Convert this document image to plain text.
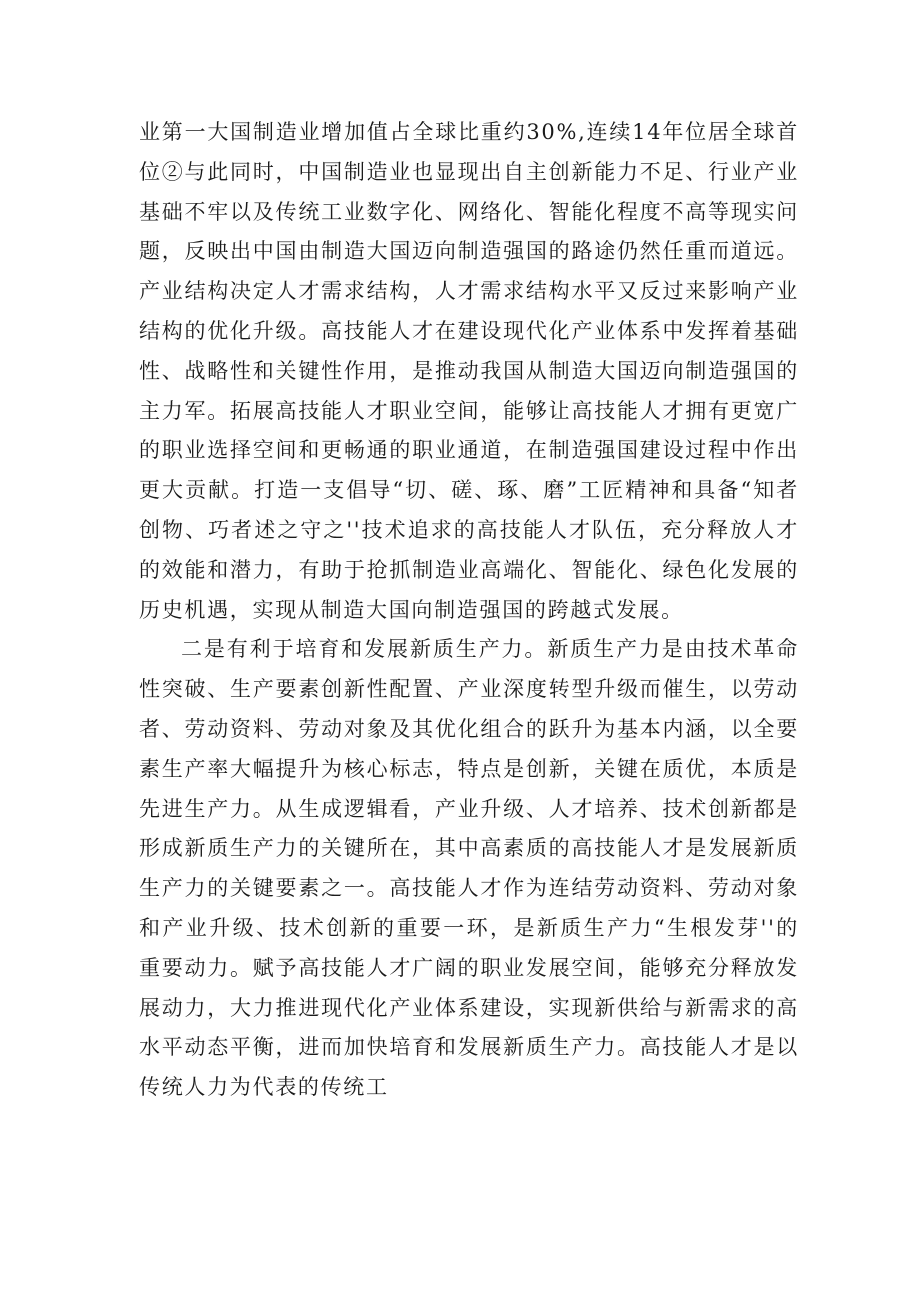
业第一大国制造业增加值占全球比重约30%,连续14年位居全球首位②与此同时，中国制造业也显现出自主创新能力不足、行业产业基础不牢以及传统工业数字化、网络化、智能化程度不高等现实问题，反映出中国由制造大国迈向制造强国的路途仍然任重而道远。产业结构决定人才需求结构，人才需求结构水平又反过来影响产业结构的优化升级。高技能人才在建设现代化产业体系中发挥着基础性、战略性和关键性作用，是推动我国从制造大国迈向制造强国的主力军。拓展高技能人才职业空间，能够让高技能人才拥有更宽广的职业选择空间和更畅通的职业通道，在制造强国建设过程中作出更大贡献。打造一支倡导“切、磋、琢、磨”工匠精神和具备“知者创物、巧者述之守之''技术追求的高技能人才队伍，充分释放人才的效能和潜力，有助于抢抓制造业高端化、智能化、绿色化发展的历史机遇，实现从制造大国向制造强国的跨越式发展。

二是有利于培育和发展新质生产力。新质生产力是由技术革命性突破、生产要素创新性配置、产业深度转型升级而催生，以劳动者、劳动资料、劳动对象及其优化组合的跃升为基本内涵，以全要素生产率大幅提升为核心标志，特点是创新，关键在质优，本质是先进生产力。从生成逻辑看，产业升级、人才培养、技术创新都是形成新质生产力的关键所在，其中高素质的高技能人才是发展新质生产力的关键要素之一。高技能人才作为连结劳动资料、劳动对象和产业升级、技术创新的重要一环，是新质生产力“生根发芽''的重要动力。赋予高技能人才广阔的职业发展空间，能够充分释放发展动力，大力推进现代化产业体系建设，实现新供给与新需求的高水平动态平衡，进而加快培育和发展新质生产力。高技能人才是以传统人力为代表的传统工
